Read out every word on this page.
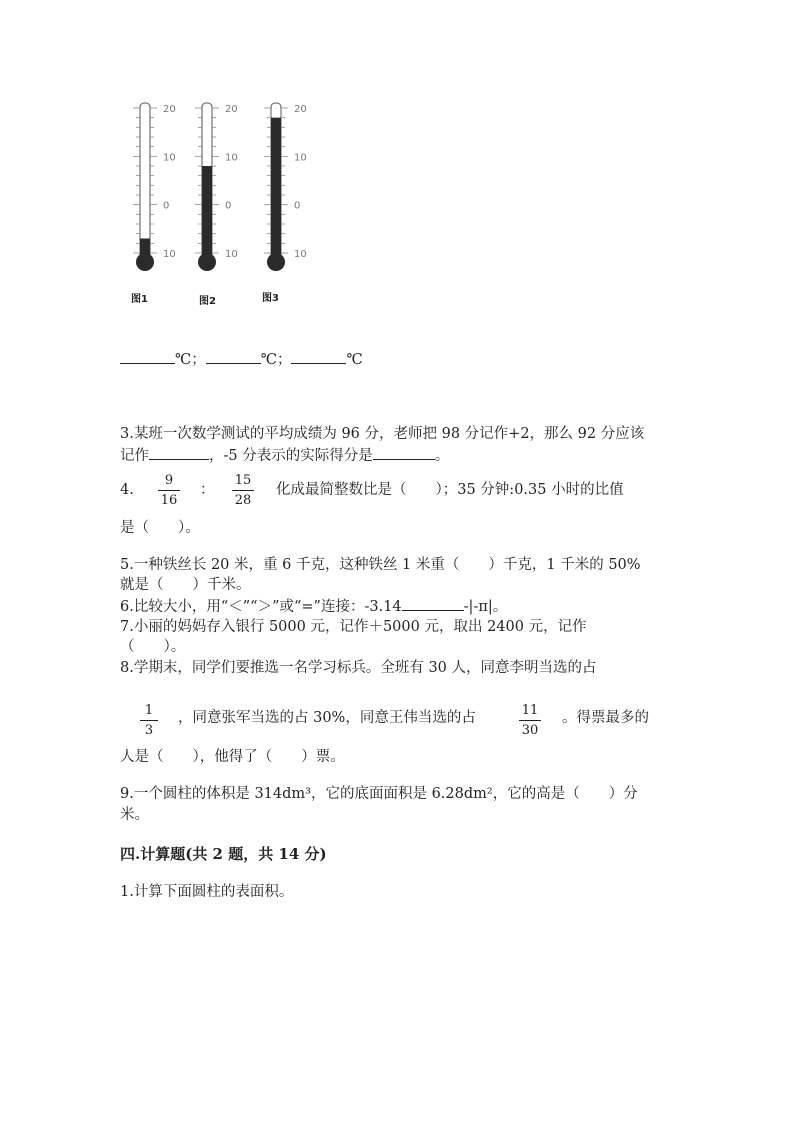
20
10
0
10
20
10
0
10
20
10
0
10
图1	图2	图3
℃；	℃；	℃
3.某班一次数学测试的平均成绩为 96 分，老师把 98 分记作+2，那么 92 分应该
记作	，-5 分表示的实际得分是	。
4.
9
16
：
15
28
化成最简整数比是（　　）；35 分钟:0.35 小时的比值
是（　　）。
5.一种铁丝长 20 米，重 6 千克，这种铁丝 1 米重（　　）千克，1 千米的 50%
就是（　　）千米。
6.比较大小，用“＜”“＞”或“=”连接：-3.14	-|-π|。
7.小丽的妈妈存入银行 5000 元，记作＋5000 元，取出 2400 元，记作
（　　）。
8.学期末，同学们要推选一名学习标兵。全班有 30 人，同意李明当选的占
1
3
，同意张军当选的占 30%，同意王伟当选的占	11
30
。得票最多的
人是（　　），他得了（　　）票。
9.一个圆柱的体积是 314dm³，它的底面面积是 6.28dm²，它的高是（　　）分
米。
四.计算题(共 2 题，共 14 分)
1.计算下面圆柱的表面积。
